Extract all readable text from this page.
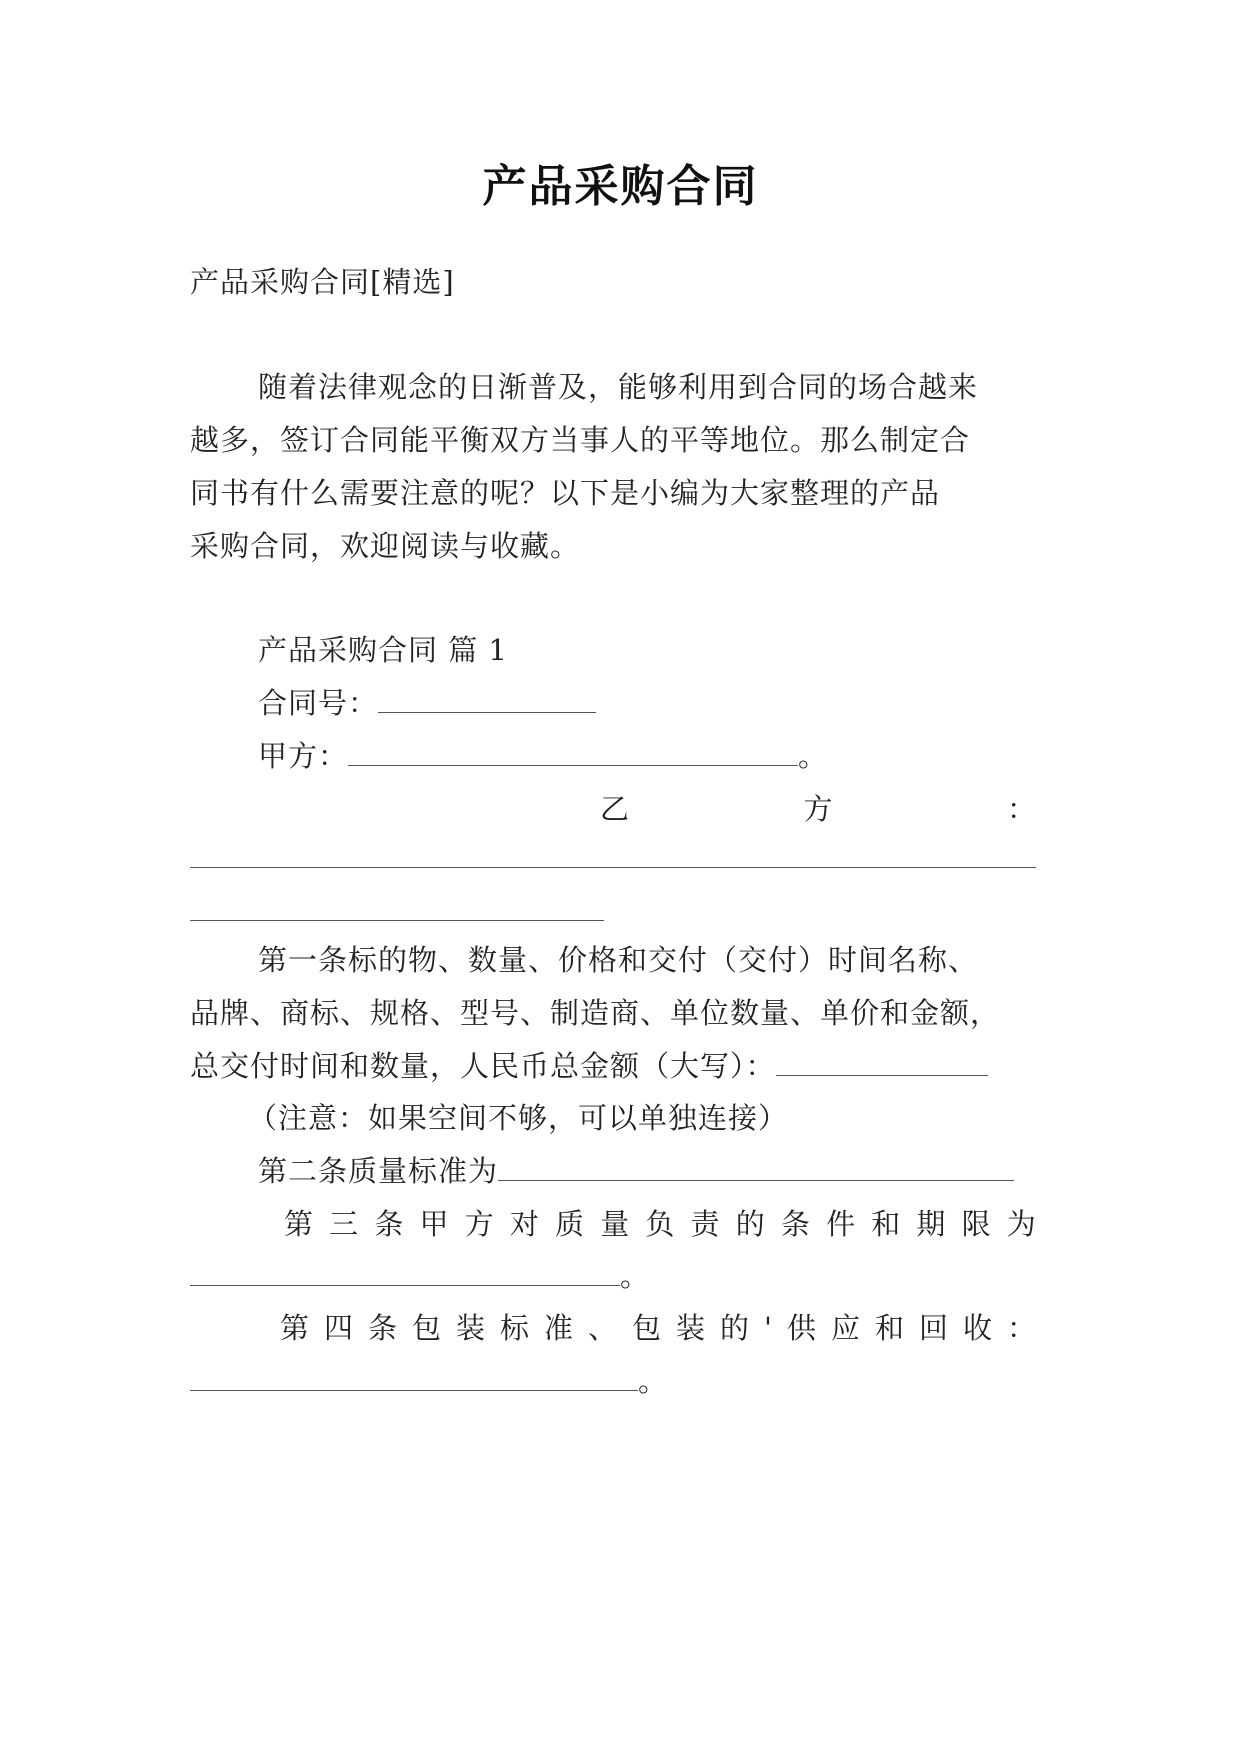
产品采购合同
产品采购合同[精选]
随着法律观念的日渐普及，能够利用到合同的场合越来
越多，签订合同能平衡双方当事人的平等地位。那么制定合
同书有什么需要注意的呢？以下是小编为大家整理的产品
采购合同，欢迎阅读与收藏。
产品采购合同 篇 1
合同号：
甲方：	。
乙	方	：
第一条标的物、数量、价格和交付（交付）时间名称、
品牌、商标、规格、型号、制造商、单位数量、单价和金额，
总交付时间和数量，人民币总金额（大写）：
（注意：如果空间不够，可以单独连接）
第二条质量标准为
第 三 条 甲 方 对 质 量 负 责 的 条 件 和 期 限 为
。
第 四 条 包 装 标 准 、 包 装 的 ' 供 应 和 回 收 ：
。
